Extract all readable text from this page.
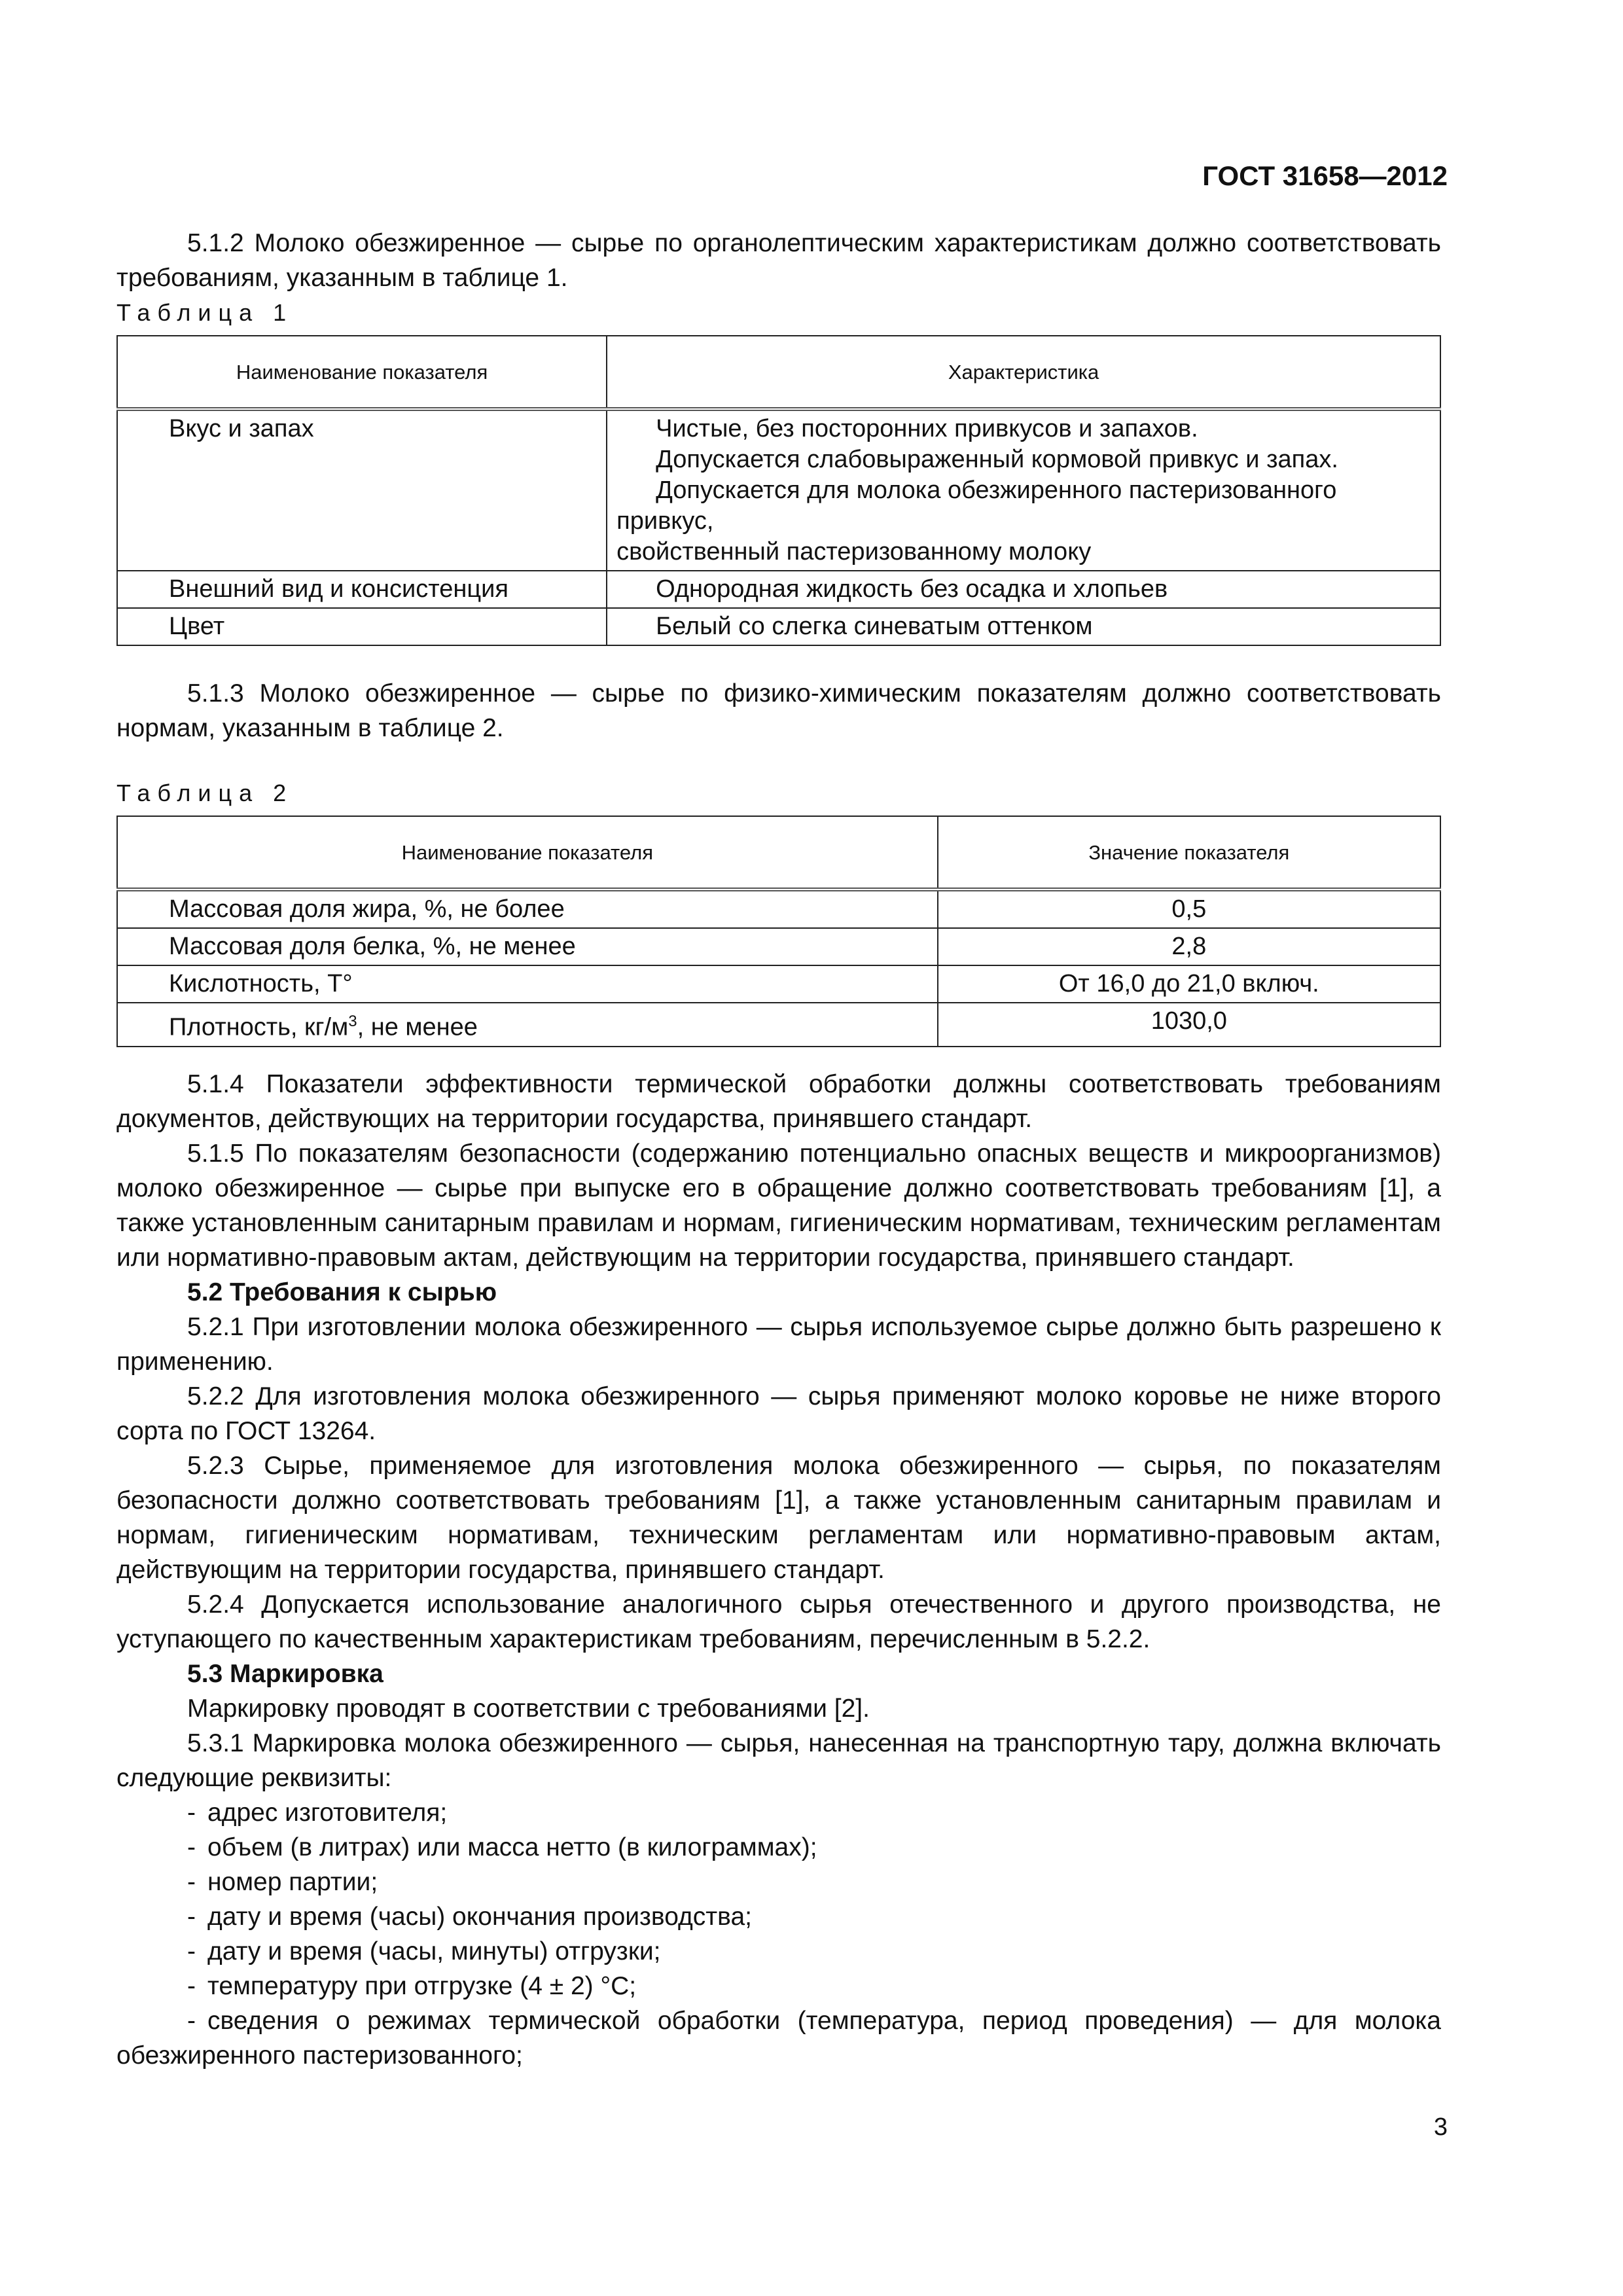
ГОСТ 31658—2012

5.1.2 Молоко обезжиренное — сырье по органолептическим характеристикам должно соответствовать требованиям, указанным в таблице 1.

Таблица 1

Наименование показателя	Характеристика
Вкус и запах	Чистые, без посторонних привкусов и запахов.

Допускается слабовыраженный кормовой привкус и запах.

Допускается для молока обезжиренного пастеризованного привкус,

свойственный пастеризованному молоку

Внешний вид и консистенция	Однородная жидкость без осадка и хлопьев

Цвет	Белый со слегка синеватым оттенком

5.1.3 Молоко обезжиренное — сырье по физико-химическим показателям должно соответствовать нормам, указанным в таблице 2.

Таблица 2

Наименование показателя	Значение показателя
Массовая доля жира, %, не более	0,5
Массовая доля белка, %, не менее	2,8
Кислотность, Т°	От 16,0 до 21,0 включ.
Плотность, $кг/м^3$, не менее	1030,0

5.1.4 Показатели эффективности термической обработки должны соответствовать требованиям документов, действующих на территории государства, принявшего стандарт.

5.1.5 По показателям безопасности (содержанию потенциально опасных веществ и микроорганизмов) молоко обезжиренное — сырье при выпуске его в обращение должно соответствовать требованиям [1], а также установленным санитарным правилам и нормам, гигиеническим нормативам, техническим регламентам или нормативно-правовым актам, действующим на территории государства, принявшего стандарт.

5.2 Требования к сырью

5.2.1 При изготовлении молока обезжиренного — сырья используемое сырье должно быть разрешено к применению.

5.2.2 Для изготовления молока обезжиренного — сырья применяют молоко коровье не ниже второго сорта по ГОСТ 13264.

5.2.3 Сырье, применяемое для изготовления молока обезжиренного — сырья, по показателям безопасности должно соответствовать требованиям [1], а также установленным санитарным правилам и нормам, гигиеническим нормативам, техническим регламентам или нормативно-правовым актам, действующим на территории государства, принявшего стандарт.

5.2.4 Допускается использование аналогичного сырья отечественного и другого производства, не уступающего по качественным характеристикам требованиям, перечисленным в 5.2.2.

5.3 Маркировка

Маркировку проводят в соответствии с требованиями [2].

5.3.1 Маркировка молока обезжиренного — сырья, нанесенная на транспортную тару, должна включать следующие реквизиты:

- адрес изготовителя;

- объем (в литрах) или масса нетто (в килограммах);

- номер партии;

- дату и время (часы) окончания производства;

- дату и время (часы, минуты) отгрузки;

- температуру при отгрузке (4 ± 2) °С;

- сведения о режимах термической обработки (температура, период проведения) — для молока обезжиренного пастеризованного;

3
